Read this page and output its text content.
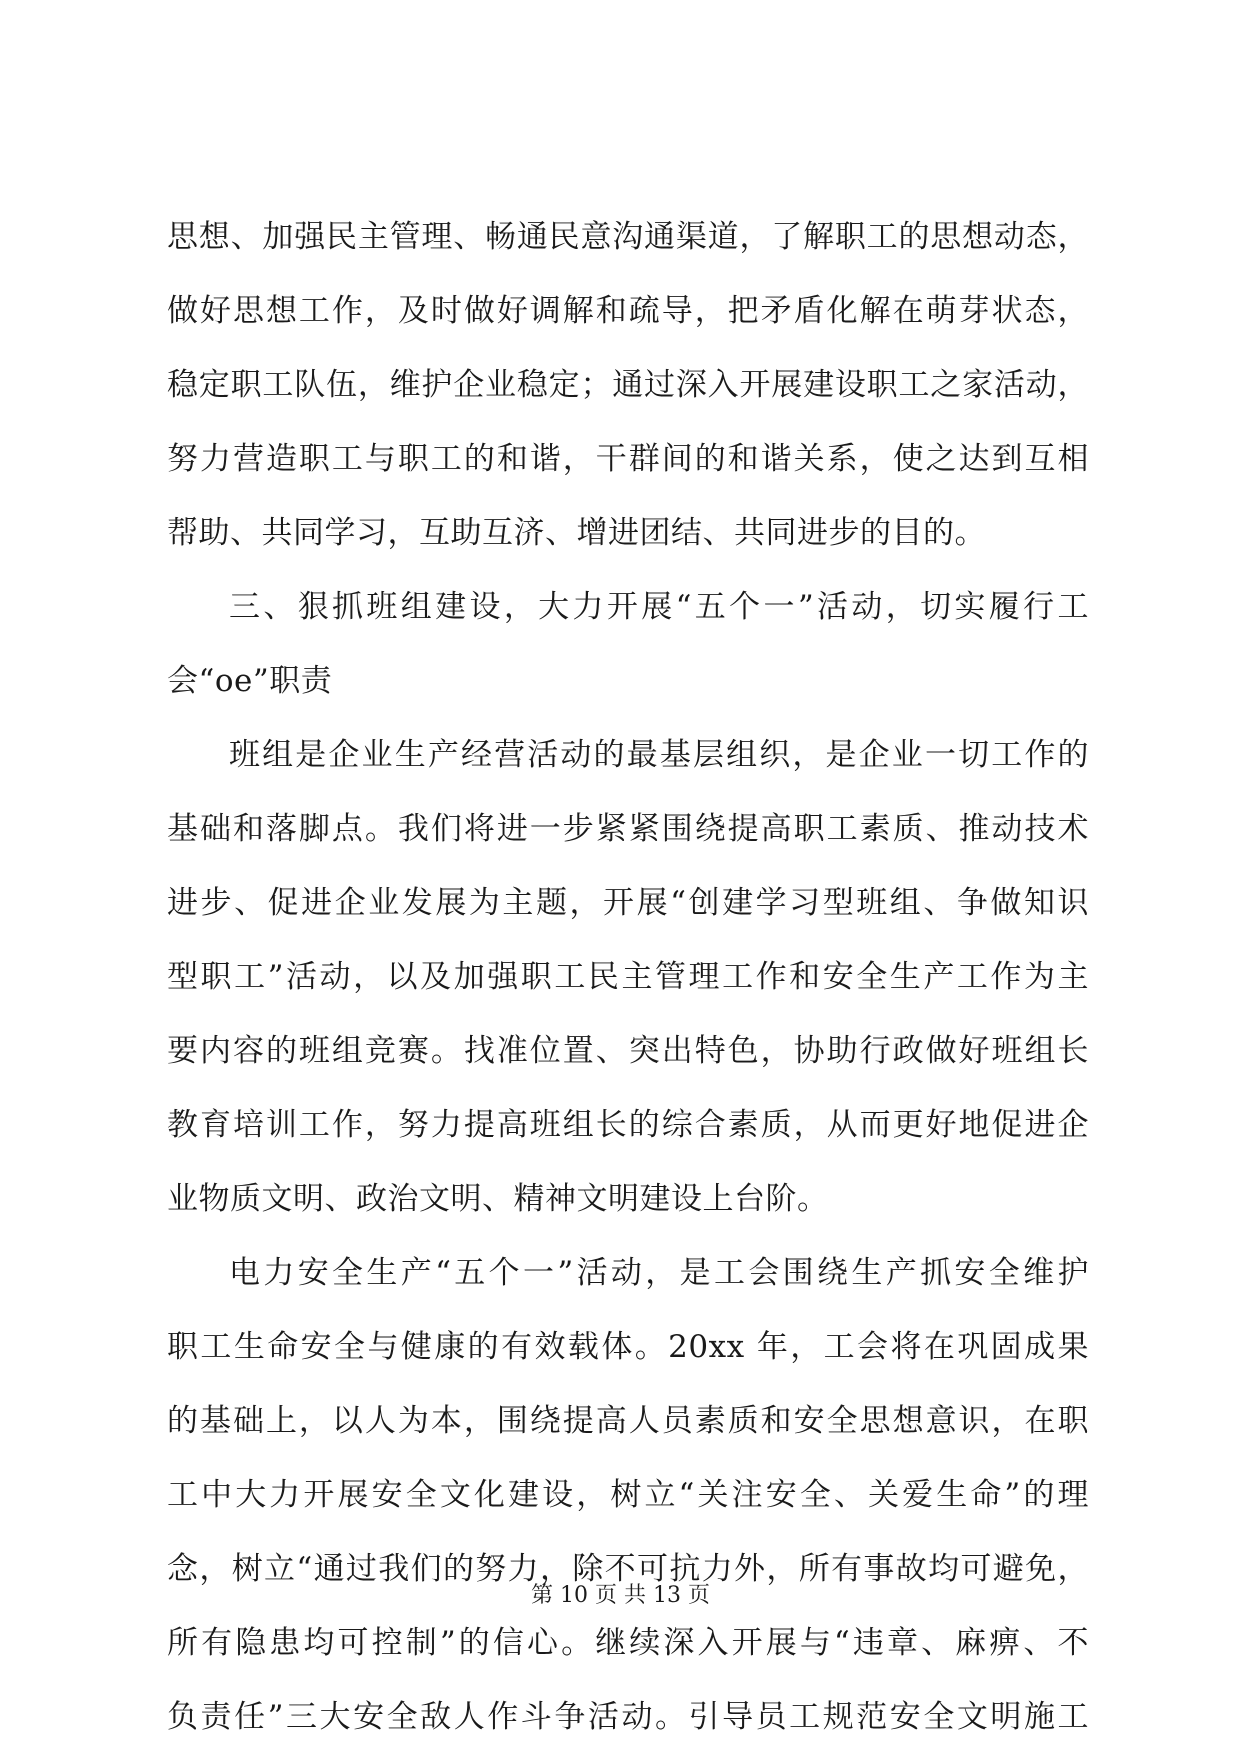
思想、加强民主管理、畅通民意沟通渠道，了解职工的思想动态，
做好思想工作，及时做好调解和疏导，把矛盾化解在萌芽状态，
稳定职工队伍，维护企业稳定；通过深入开展建设职工之家活动，
努力营造职工与职工的和谐，干群间的和谐关系，使之达到互相
帮助、共同学习，互助互济、增进团结、共同进步的目的。
三、狠抓班组建设，大力开展“五个一”活动，切实履行工
会“oe”职责
班组是企业生产经营活动的最基层组织，是企业一切工作的
基础和落脚点。我们将进一步紧紧围绕提高职工素质、推动技术
进步、促进企业发展为主题，开展“创建学习型班组、争做知识
型职工”活动，以及加强职工民主管理工作和安全生产工作为主
要内容的班组竞赛。找准位置、突出特色，协助行政做好班组长
教育培训工作，努力提高班组长的综合素质，从而更好地促进企
业物质文明、政治文明、精神文明建设上台阶。
电力安全生产“五个一”活动，是工会围绕生产抓安全维护
职工生命安全与健康的有效载体。20xx 年，工会将在巩固成果
的基础上，以人为本，围绕提高人员素质和安全思想意识，在职
工中大力开展安全文化建设，树立“关注安全、关爱生命”的理
念，树立“通过我们的努力，除不可抗力外，所有事故均可避免，
所有隐患均可控制”的信心。继续深入开展与“违章、麻痹、不
负责任”三大安全敌人作斗争活动。引导员工规范安全文明施工
第 10 页 共 13 页
